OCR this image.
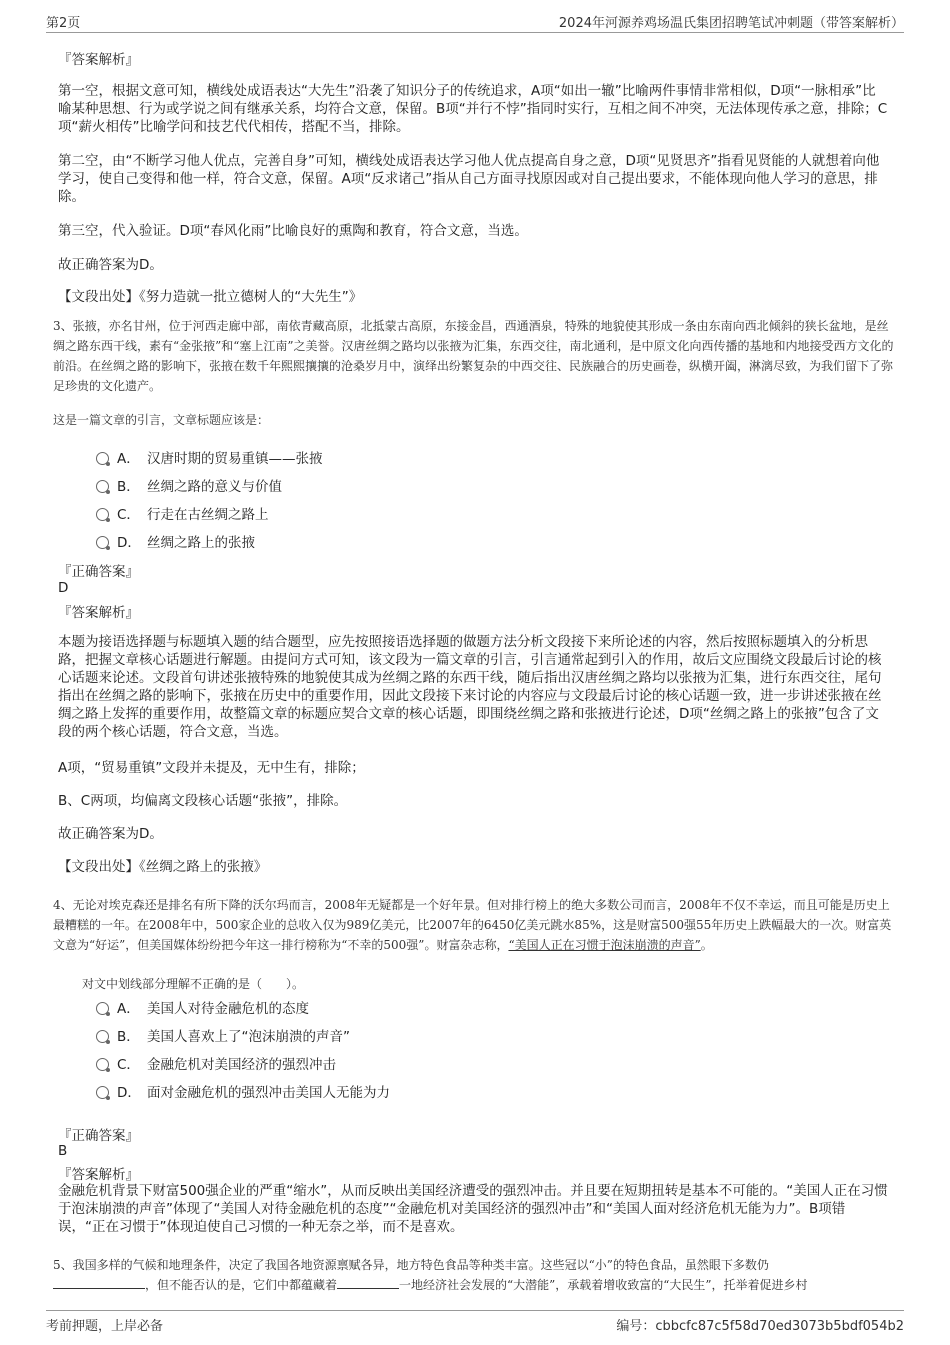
第2页	2024年河源养鸡场温氏集团招聘笔试冲刺题（带答案解析）
『答案解析』
第一空，根据文意可知，横线处成语表达“大先生”沿袭了知识分子的传统追求，A项“如出一辙”比喻两件事情非常相似，D项“一脉相承”比喻某种思想、行为或学说之间有继承关系，均符合文意，保留。B项“并行不悖”指同时实行，互相之间不冲突，无法体现传承之意，排除；C项“薪火相传”比喻学问和技艺代代相传，搭配不当，排除。
第二空，由“不断学习他人优点，完善自身”可知，横线处成语表达学习他人优点提高自身之意，D项“见贤思齐”指看见贤能的人就想着向他学习，使自己变得和他一样，符合文意，保留。A项“反求诸己”指从自己方面寻找原因或对自己提出要求，不能体现向他人学习的意思，排除。
第三空，代入验证。D项“春风化雨”比喻良好的熏陶和教育，符合文意，当选。
故正确答案为D。
【文段出处】《努力造就一批立德树人的“大先生”》
3、张掖，亦名甘州，位于河西走廊中部，南依青藏高原，北抵蒙古高原，东接金昌，西通酒泉，特殊的地貌使其形成一条由东南向西北倾斜的狭长盆地，是丝绸之路东西干线，素有“金张掖”和“塞上江南”之美誉。汉唐丝绸之路均以张掖为汇集，东西交往，南北通利，是中原文化向西传播的基地和内地接受西方文化的前沿。在丝绸之路的影响下，张掖在数千年熙熙攘攘的沧桑岁月中，演绎出纷繁复杂的中西交往、民族融合的历史画卷，纵横开阖，淋漓尽致，为我们留下了弥足珍贵的文化遗产。
这是一篇文章的引言，文章标题应该是：
A． 汉唐时期的贸易重镇——张掖
B． 丝绸之路的意义与价值
C． 行走在古丝绸之路上
D． 丝绸之路上的张掖
『正确答案』
D
『答案解析』
本题为接语选择题与标题填入题的结合题型，应先按照接语选择题的做题方法分析文段接下来所论述的内容，然后按照标题填入的分析思路，把握文章核心话题进行解题。由提问方式可知，该文段为一篇文章的引言，引言通常起到引入的作用，故后文应围绕文段最后讨论的核心话题来论述。文段首句讲述张掖特殊的地貌使其成为丝绸之路的东西干线，随后指出汉唐丝绸之路均以张掖为汇集，进行东西交往，尾句指出在丝绸之路的影响下，张掖在历史中的重要作用，因此文段接下来讨论的内容应与文段最后讨论的核心话题一致，进一步讲述张掖在丝绸之路上发挥的重要作用，故整篇文章的标题应契合文章的核心话题，即围绕丝绸之路和张掖进行论述，D项“丝绸之路上的张掖”包含了文段的两个核心话题，符合文意，当选。
A项，“贸易重镇”文段并未提及，无中生有，排除；
B、C两项，均偏离文段核心话题“张掖”，排除。
故正确答案为D。
【文段出处】《丝绸之路上的张掖》
4、无论对埃克森还是排名有所下降的沃尔玛而言，2008年无疑都是一个好年景。但对排行榜上的绝大多数公司而言，2008年不仅不幸运，而且可能是历史上最糟糕的一年。在2008年中，500家企业的总收入仅为989亿美元，比2007年的6450亿美元跳水85%，这是财富500强55年历史上跌幅最大的一次。财富英文意为“好运”，但美国媒体纷纷把今年这一排行榜称为“不幸的500强”。财富杂志称，“美国人正在习惯于泡沫崩溃的声音”。
对文中划线部分理解不正确的是（　　）。
A． 美国人对待金融危机的态度
B． 美国人喜欢上了“泡沫崩溃的声音”
C． 金融危机对美国经济的强烈冲击
D． 面对金融危机的强烈冲击美国人无能为力
『正确答案』
B
『答案解析』
金融危机背景下财富500强企业的严重“缩水”，从而反映出美国经济遭受的强烈冲击。并且要在短期扭转是基本不可能的。“美国人正在习惯于泡沫崩溃的声音”体现了“美国人对待金融危机的态度”“金融危机对美国经济的强烈冲击”和“美国人面对经济危机无能为力”。B项错误，“正在习惯于”体现迫使自己习惯的一种无奈之举，而不是喜欢。
5、我国多样的气候和地理条件，决定了我国各地资源禀赋各异，地方特色食品等种类丰富。这些冠以“小”的特色食品，虽然眼下多数仍
，但不能否认的是，它们中都蕴藏着	一地经济社会发展的“大潜能”，承载着增收致富的“大民生”，托举着促进乡村
考前押题，上岸必备	编号：cbbcfc87c5f58d70ed3073b5bdf054b2
